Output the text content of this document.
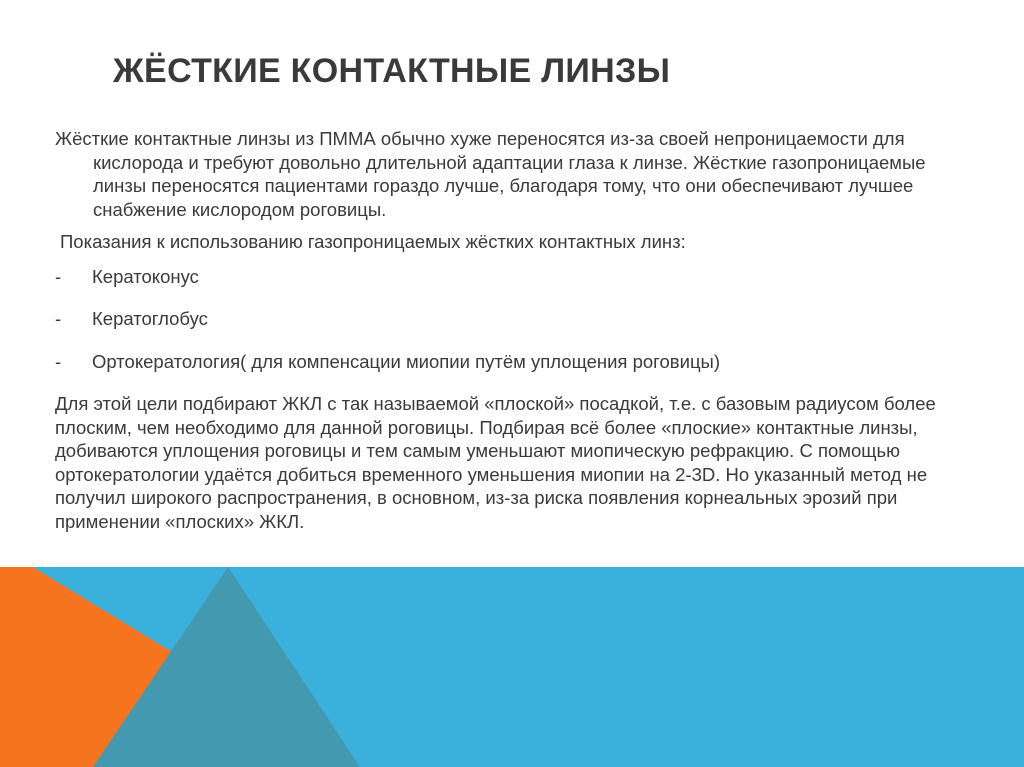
ЖЁСТКИЕ КОНТАКТНЫЕ ЛИНЗЫ

Жёсткие контактные линзы из ПММА обычно хуже переносятся из-за своей непроницаемости для кислорода и требуют довольно длительной адаптации глаза к линзе. Жёсткие газопроницаемые линзы переносятся пациентами гораздо лучше, благодаря тому, что они обеспечивают лучшее снабжение кислородом роговицы.

Показания к использованию газопроницаемых жёстких контактных линз:

-	Кератоконус
-	Кератоглобус
-	Ортокератология( для компенсации миопии путём уплощения роговицы)

Для этой цели подбирают ЖКЛ с так называемой «плоской» посадкой, т.е. с базовым радиусом более плоским, чем необходимо для данной роговицы. Подбирая всё более «плоские» контактные линзы, добиваются уплощения роговицы и тем самым уменьшают миопическую рефракцию. С помощью ортокератологии удаётся добиться временного уменьшения миопии на 2-3D. Но указанный метод не получил широкого распространения, в основном, из-за риска появления корнеальных эрозий при применении «плоских» ЖКЛ.
